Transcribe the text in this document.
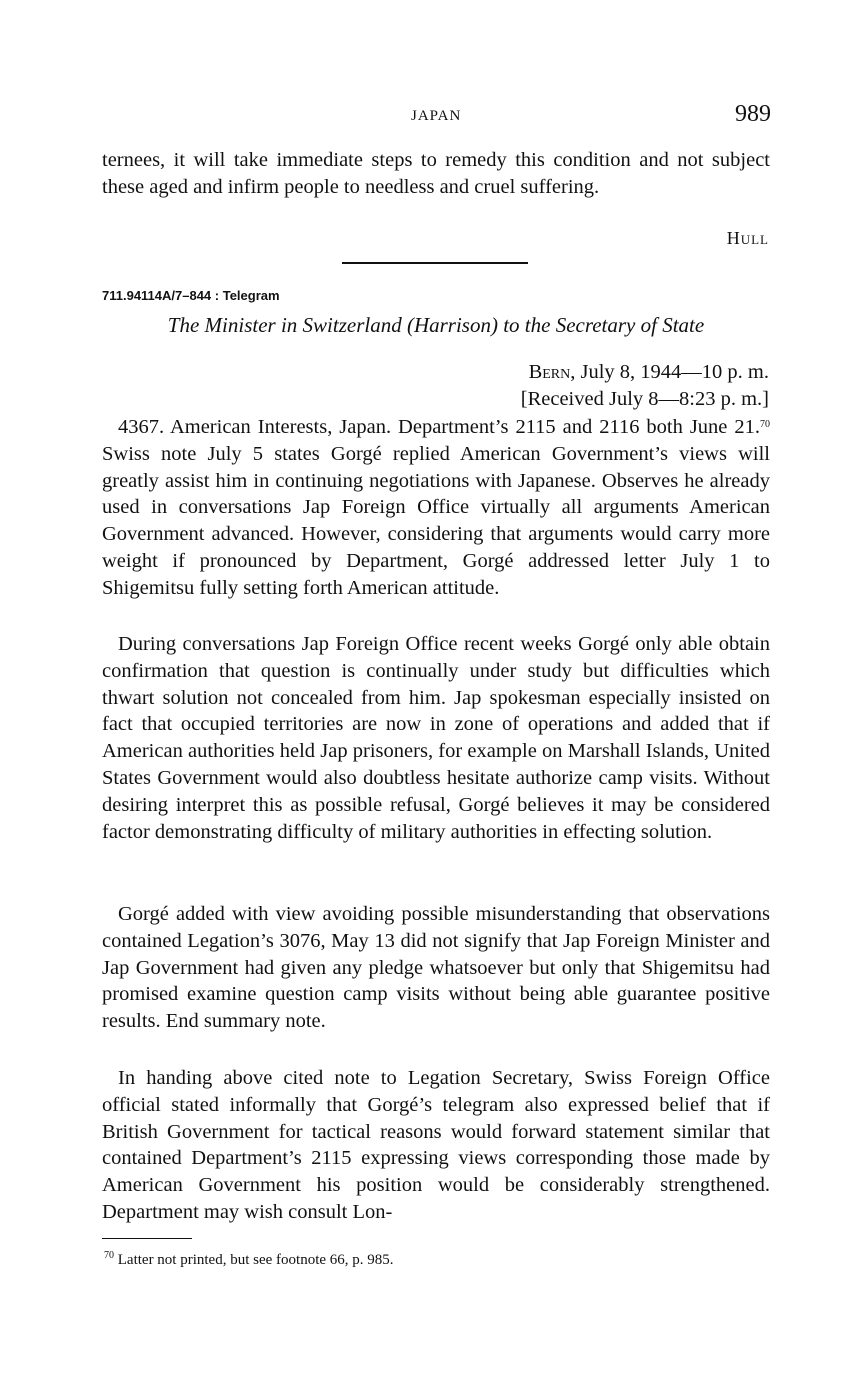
JAPAN	989

ternees, it will take immediate steps to remedy this condition and not subject these aged and infirm people to needless and cruel suffering.

Hull
711.94114A/7–844 : Telegram
The Minister in Switzerland (Harrison) to the Secretary of State
Bern, July 8, 1944—10 p. m.
[Received July 8—8:23 p. m.]

4367. American Interests, Japan. Department’s 2115 and 2116 both June 21.70 Swiss note July 5 states Gorgé replied American Government’s views will greatly assist him in continuing negotiations with Japanese. Observes he already used in conversations Jap Foreign Office virtually all arguments American Government advanced. However, considering that arguments would carry more weight if pronounced by Department, Gorgé addressed letter July 1 to Shigemitsu fully setting forth American attitude.

During conversations Jap Foreign Office recent weeks Gorgé only able obtain confirmation that question is continually under study but difficulties which thwart solution not concealed from him. Jap spokesman especially insisted on fact that occupied territories are now in zone of operations and added that if American authorities held Jap prisoners, for example on Marshall Islands, United States Government would also doubtless hesitate authorize camp visits. Without desiring interpret this as possible refusal, Gorgé believes it may be considered factor demonstrating difficulty of military authorities in effecting solution.

Gorgé added with view avoiding possible misunderstanding that observations contained Legation’s 3076, May 13 did not signify that Jap Foreign Minister and Jap Government had given any pledge whatsoever but only that Shigemitsu had promised examine question camp visits without being able guarantee positive results. End summary note.

In handing above cited note to Legation Secretary, Swiss Foreign Office official stated informally that Gorgé’s telegram also expressed belief that if British Government for tactical reasons would forward statement similar that contained Department’s 2115 expressing views corresponding those made by American Government his position would be considerably strengthened. Department may wish consult Lon-

$^{70}$ Latter not printed, but see footnote 66, p. 985.
